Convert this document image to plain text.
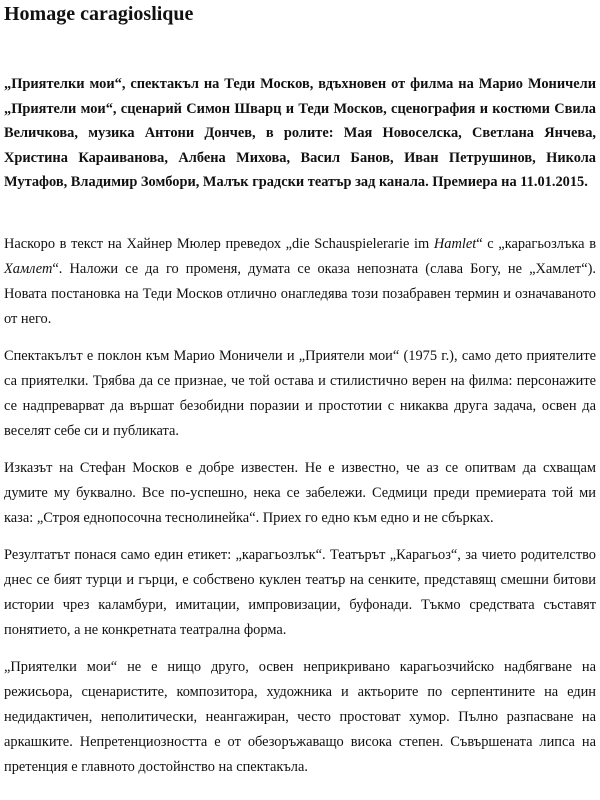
Homage caragioslique

„Приятелки мои“, спектакъл на Теди Москов, вдъхновен от филма на Марио Моничели „Приятели мои“, сценарий Симон Шварц и Теди Москов, сценография и костюми Свила Величкова, музика Антони Дончев, в ролите: Мая Новоселска, Светлана Янчева, Христина Караиванова, Албена Михова, Васил Банов, Иван Петрушинов, Никола Мутафов, Владимир Зомбори, Малък градски театър зад канала. Премиера на 11.01.2015.

Наскоро в текст на Хайнер Мюлер преведох „die Schauspielerarie im Hamlet“ с „карагьозлъка в Хамлет“. Наложи се да го променя, думата се оказа непозната (слава Богу, не „Хамлет“). Новата постановка на Теди Москов отлично онагледява този позабравен термин и означаваното от него.

Спектакълът е поклон към Марио Моничели и „Приятели мои“ (1975 г.), само дето приятелите са приятелки. Трябва да се признае, че той остава и стилистично верен на филма: персонажите се надпреварват да вършат безобидни поразии и простотии с никаква друга задача, освен да веселят себе си и публиката.

Изказът на Стефан Москов е добре известен. Не е известно, че аз се опитвам да схващам думите му буквално. Все по-успешно, нека се забележи. Седмици преди премиерата той ми каза: „Строя еднопосочна теснолинейка“. Приех го едно към едно и не сбърках.

Резултатът понася само един етикет: „карагьозлък“. Театърът „Карагьоз“, за чието родителство днес се бият турци и гърци, е собствено куклен театър на сенките, представящ смешни битови истории чрез каламбури, имитации, импровизации, буфонади. Тъкмо средствата съставят понятието, а не конкретната театрална форма.

„Приятелки мои“ не е нищо друго, освен неприкривано карагьозчийско надбягване на режисьора, сценаристите, композитора, художника и актьорите по серпентините на един недидактичен, неполитически, неангажиран, често простоват хумор. Пълно разпасване на аркашките. Непретенциозността е от обезоръжаващо висока степен. Съвършената липса на претенция е главното достойнство на спектакъла.
